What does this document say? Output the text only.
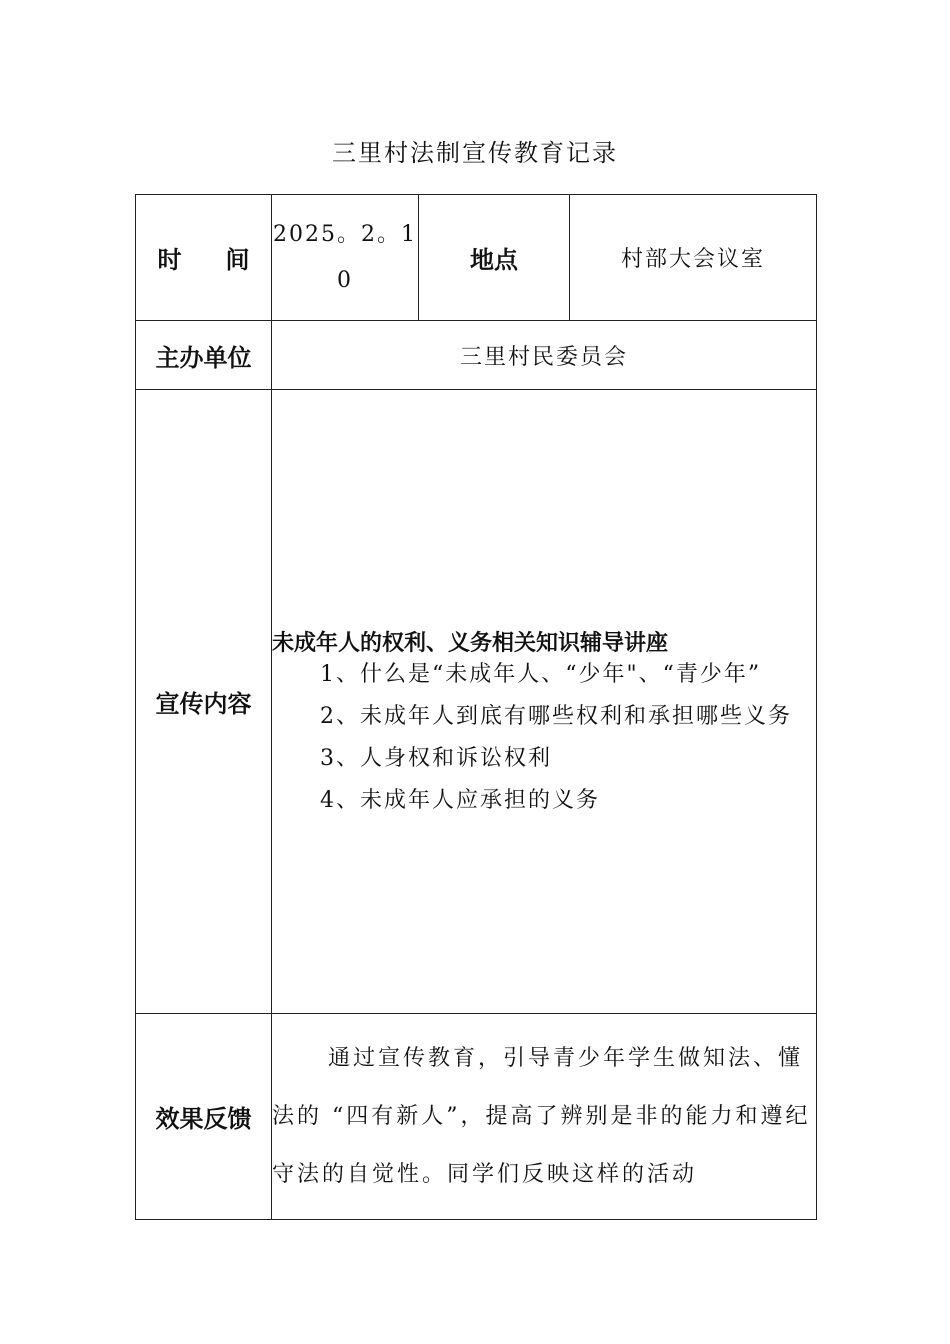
三里村法制宣传教育记录
时 间	2025。2。10	地点	村部大会议室
主办单位	三里村民委员会		
宣传内容	未成年人的权利、义务相关知识辅导讲座
1、什么是“未成年人、“少年"、“青少年”
2、未成年人到底有哪些权利和承担哪些义务
3、人身权和诉讼权利
4、未成年人应承担的义务		

效果反馈	通过宣传教育，引导青少年学生做知法、懂法的 “四有新人”，提高了辨别是非的能力和遵纪守法的自觉性。同学们反映这样的活动		
